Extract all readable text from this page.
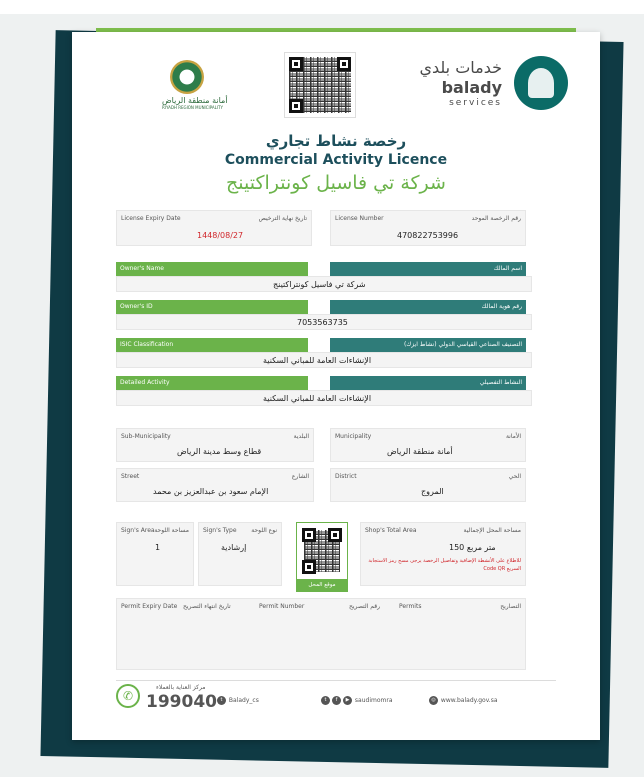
أمانة منطقة الرياض
RIYADH REGION MUNICIPALITY
خدمات بلدي
balady
services
رخصة نشاط تجاري
Commercial Activity Licence
شركة تي فاسيل كونتراكتينج
License Expiry Date	تاريخ نهاية الترخيص
1448/08/27
License Number	رقم الرخصة الموحد
470822753996
Owner's Name	اسم المالك
شركة تي فاسيل كونتراكتينج
Owner's ID	رقم هوية المالك
7053563735
ISIC Classification	التصنيف الصناعي القياسي الدولي (نشاط ايزك)
الإنشاءات العامة للمباني السكنية
Detailed Activity	النشاط التفصيلي
الإنشاءات العامة للمباني السكنية
Sub-Municipality	البلدية
قطاع وسط مدينة الرياض
Municipality	الأمانة
أمانة منطقة الرياض
Street	الشارع
الإمام سعود بن عبدالعزيز بن محمد
District	الحي
المروج
Sign's Area مساحة اللوحة
1
Sign's Type نوع اللوحة
إرشادية
موقع المحل
Shop's Total Area	مساحة المحل الإجمالية
150 متر مربع
للاطلاع على الأنشطة الإضافية وتفاصيل الرخصة يرجى مسح رمز الاستجابة السريع Code QR
Permit Expiry Date تاريخ انتهاء التصريح	Permit Number	رقم التصريح	Permits	التصاريح
✆
مركز العناية بالعملاء
199040 t Balady_cs	t f ▶ saudimomra	◎ www.balady.gov.sa
